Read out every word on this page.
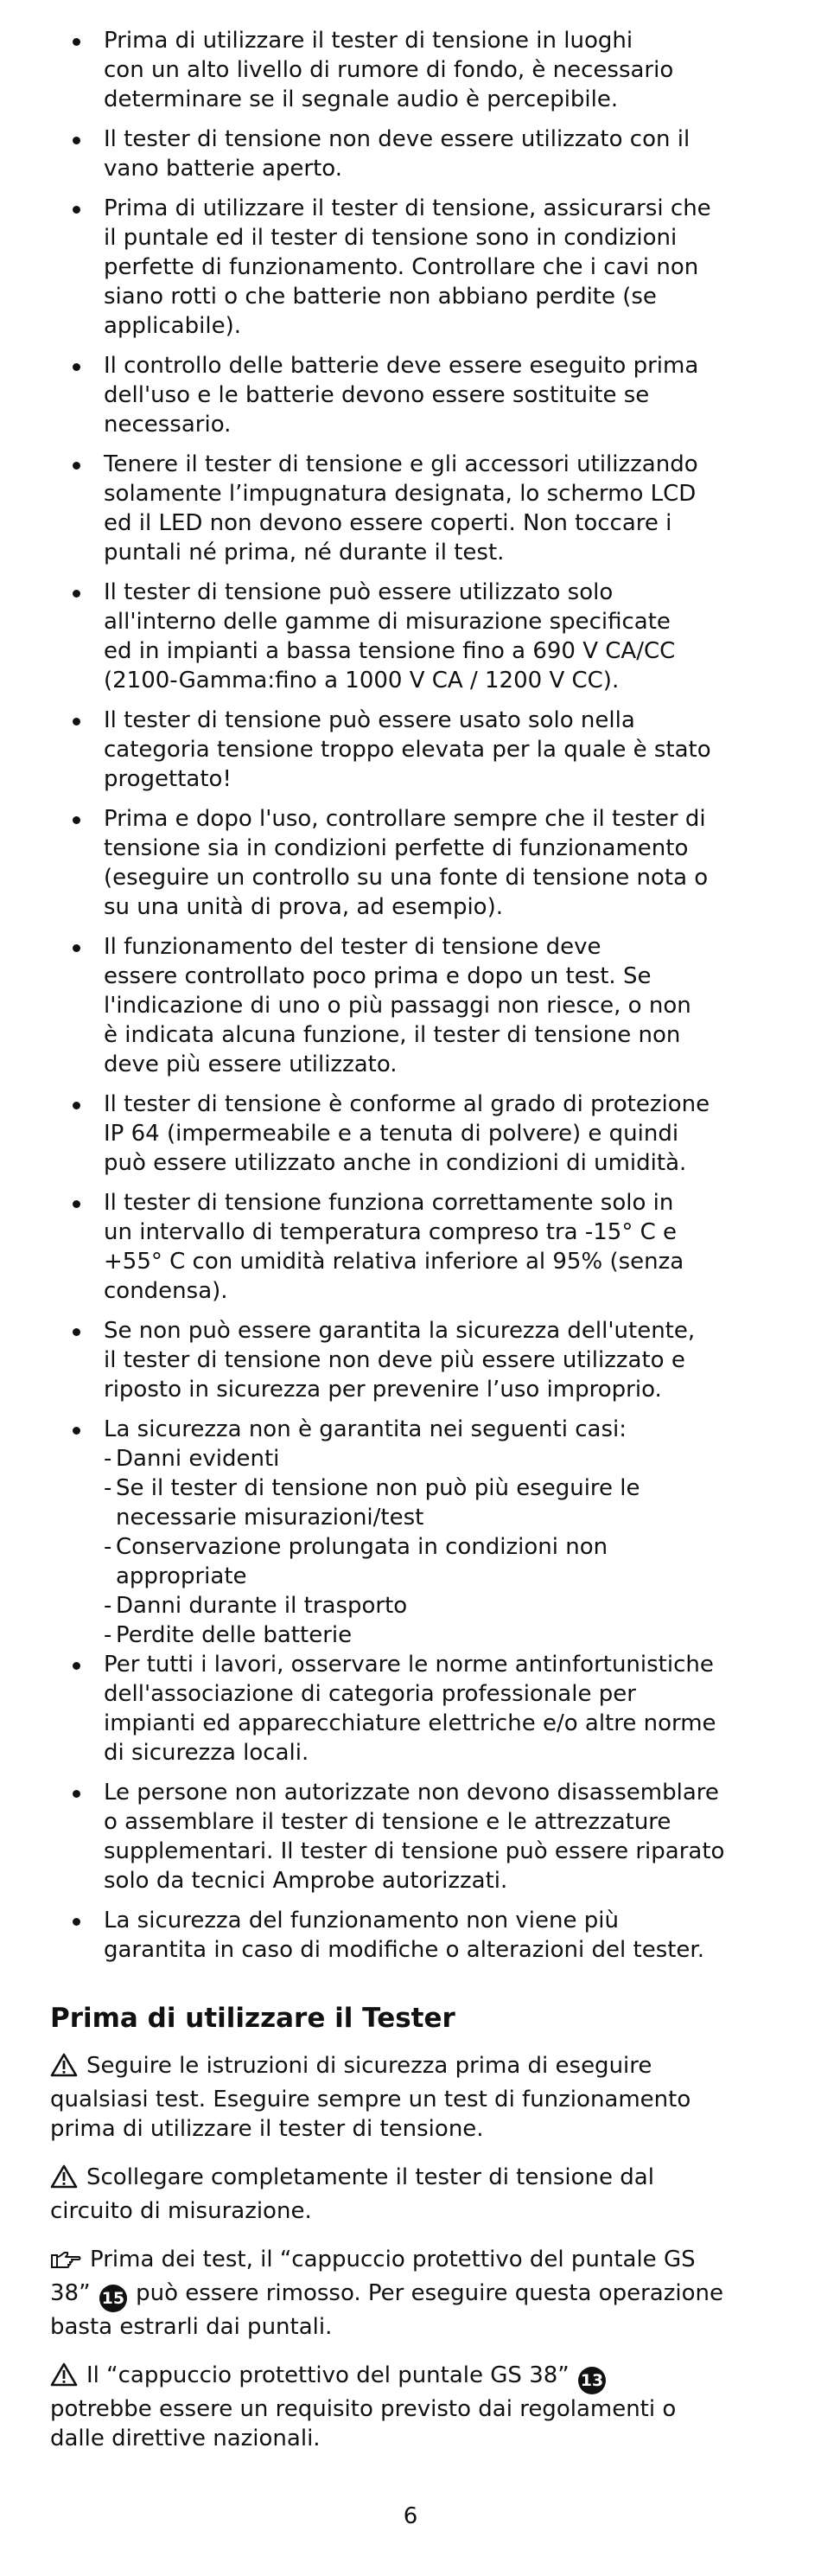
Prima di utilizzare il tester di tensione in luoghi
con un alto livello di rumore di fondo, è necessario
determinare se il segnale audio è percepibile.

Il tester di tensione non deve essere utilizzato con il
vano batterie aperto.

Prima di utilizzare il tester di tensione, assicurarsi che
il puntale ed il tester di tensione sono in condizioni
perfette di funzionamento. Controllare che i cavi non
siano rotti o che batterie non abbiano perdite (se
applicabile).

Il controllo delle batterie deve essere eseguito prima
dell'uso e le batterie devono essere sostituite se
necessario.

Tenere il tester di tensione e gli accessori utilizzando
solamente l’impugnatura designata, lo schermo LCD
ed il LED non devono essere coperti. Non toccare i
puntali né prima, né durante il test.

Il tester di tensione può essere utilizzato solo
all'interno delle gamme di misurazione specificate
ed in impianti a bassa tensione fino a 690 V CA/CC
(2100-Gamma:fino a 1000 V CA / 1200 V CC).

Il tester di tensione può essere usato solo nella
categoria tensione troppo elevata per la quale è stato
progettato!

Prima e dopo l'uso, controllare sempre che il tester di
tensione sia in condizioni perfette di funzionamento
(eseguire un controllo su una fonte di tensione nota o
su una unità di prova, ad esempio).

Il funzionamento del tester di tensione deve
essere controllato poco prima e dopo un test. Se
l'indicazione di uno o più passaggi non riesce, o non
è indicata alcuna funzione, il tester di tensione non
deve più essere utilizzato.

Il tester di tensione è conforme al grado di protezione
IP 64 (impermeabile e a tenuta di polvere) e quindi
può essere utilizzato anche in condizioni di umidità.

Il tester di tensione funziona correttamente solo in
un intervallo di temperatura compreso tra -15° C e
+55° C con umidità relativa inferiore al 95% (senza
condensa).

Se non può essere garantita la sicurezza dell'utente,
il tester di tensione non deve più essere utilizzato e
riposto in sicurezza per prevenire l’uso improprio.

La sicurezza non è garantita nei seguenti casi:

- Danni evidenti
- Se il tester di tensione non può più eseguire le
necessarie misurazioni/test
- Conservazione prolungata in condizioni non
appropriate
- Danni durante il trasporto
- Perdite delle batterie

Per tutti i lavori, osservare le norme antinfortunistiche
dell'associazione di categoria professionale per
impianti ed apparecchiature elettriche e/o altre norme
di sicurezza locali.

Le persone non autorizzate non devono disassemblare
o assemblare il tester di tensione e le attrezzature
supplementari. Il tester di tensione può essere riparato
solo da tecnici Amprobe autorizzati.

La sicurezza del funzionamento non viene più
garantita in caso di modifiche o alterazioni del tester.

Prima di utilizzare il Tester

Seguire le istruzioni di sicurezza prima di eseguire
qualsiasi test. Eseguire sempre un test di funzionamento
prima di utilizzare il tester di tensione.

Scollegare completamente il tester di tensione dal
circuito di misurazione.

Prima dei test, il “cappuccio protettivo del puntale GS
38” 15 può essere rimosso. Per eseguire questa operazione
basta estrarli dai puntali.

Il “cappuccio protettivo del puntale GS 38” 13
potrebbe essere un requisito previsto dai regolamenti o
dalle direttive nazionali.

6
